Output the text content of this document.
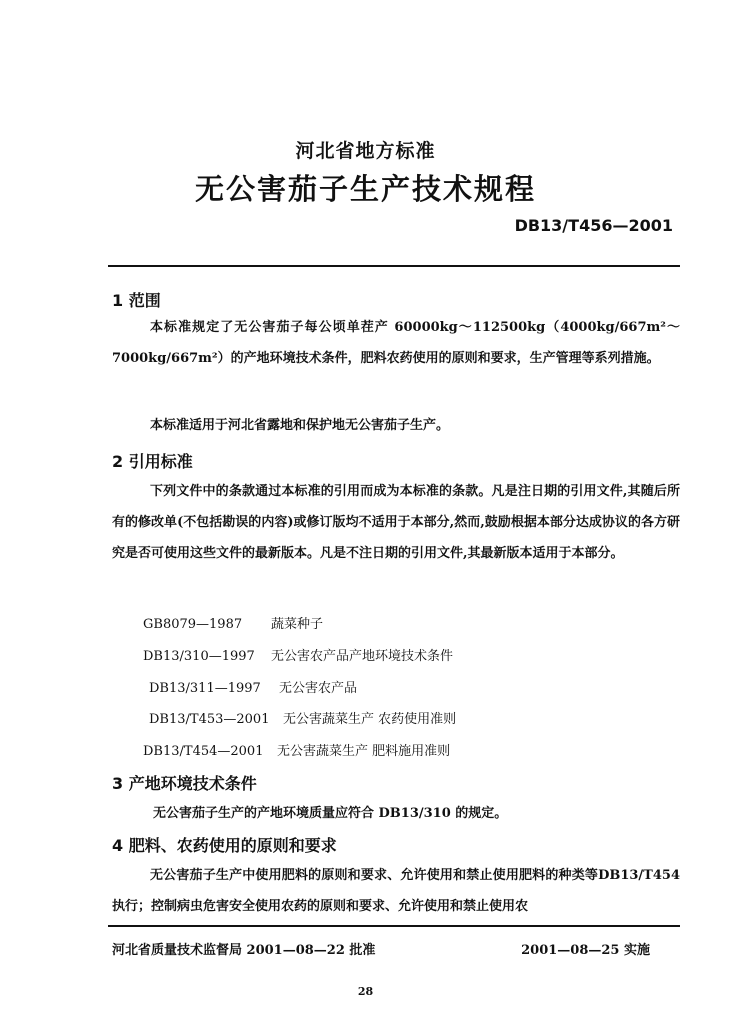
河北省地方标准
无公害茄子生产技术规程
DB13/T456—2001
1 范围
本标准规定了无公害茄子每公顷单茬产 60000kg～112500kg（4000kg/667m²～7000kg/667m²）的产地环境技术条件，肥料农药使用的原则和要求，生产管理等系列措施。
本标准适用于河北省露地和保护地无公害茄子生产。
2 引用标准
下列文件中的条款通过本标准的引用而成为本标准的条款。凡是注日期的引用文件,其随后所有的修改单(不包括勘误的内容)或修订版均不适用于本部分,然而,鼓励根据本部分达成协议的各方研究是否可使用这些文件的最新版本。凡是不注日期的引用文件,其最新版本适用于本部分。
GB8079—1987 蔬菜种子
DB13/310—1997 无公害农产品产地环境技术条件
DB13/311—1997 无公害农产品
DB13/T453—2001 无公害蔬菜生产 农药使用准则
DB13/T454—2001 无公害蔬菜生产 肥料施用准则
3 产地环境技术条件
无公害茄子生产的产地环境质量应符合 DB13/310 的规定。
4 肥料、农药使用的原则和要求
无公害茄子生产中使用肥料的原则和要求、允许使用和禁止使用肥料的种类等DB13/T454 执行；控制病虫危害安全使用农药的原则和要求、允许使用和禁止使用农
河北省质量技术监督局 2001—08—22 批准	2001—08—25 实施
28
